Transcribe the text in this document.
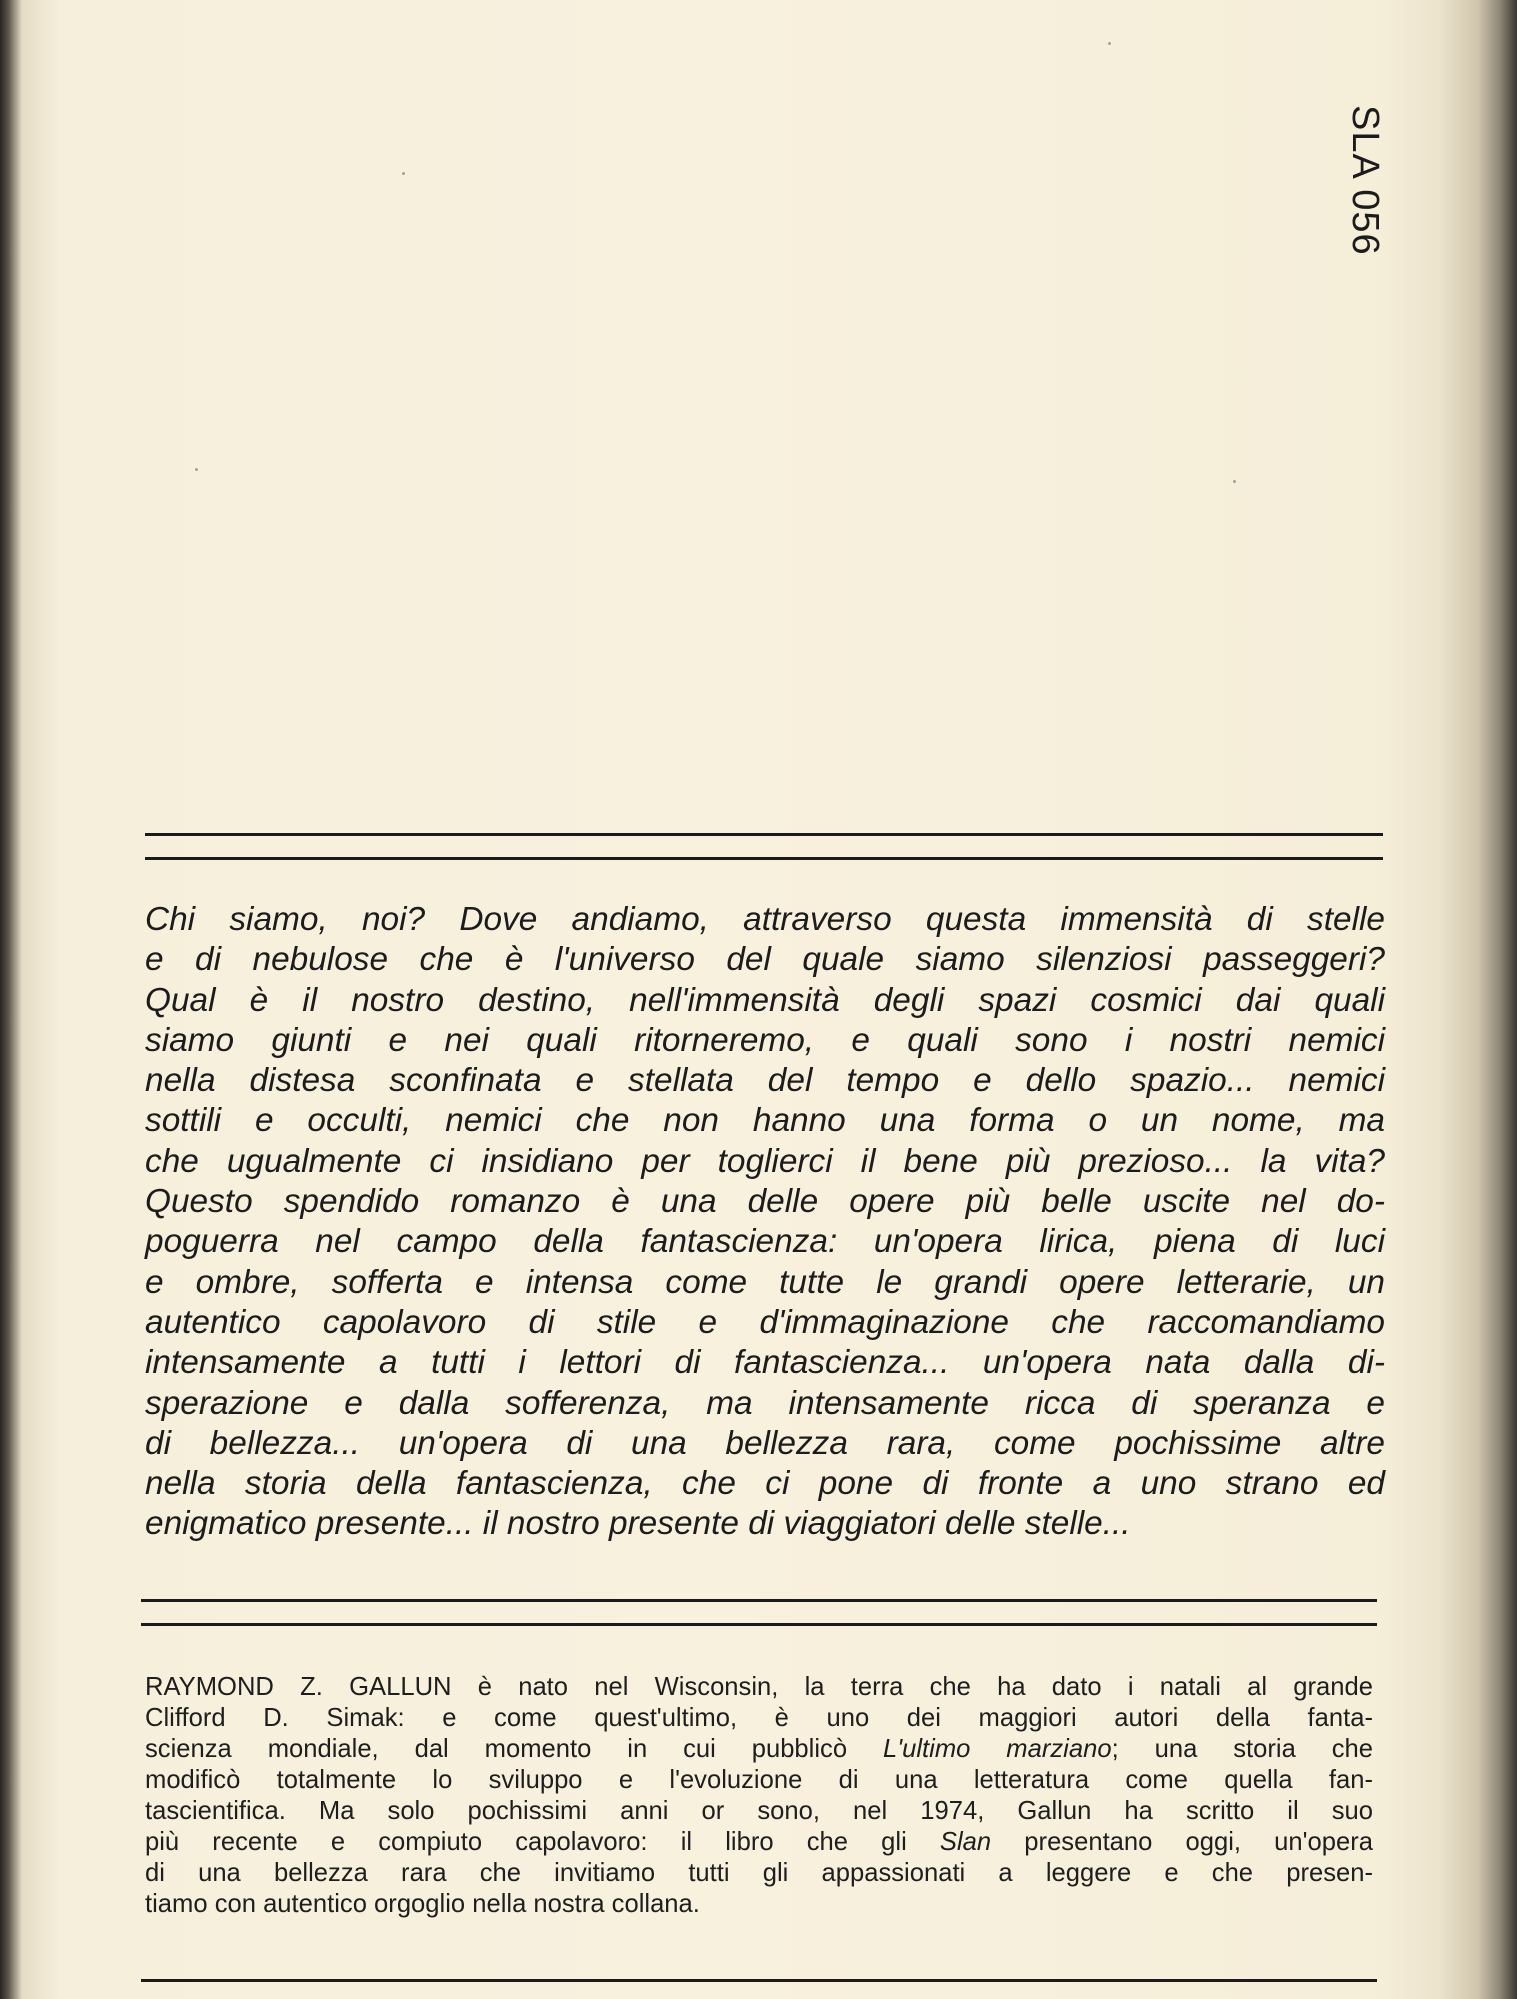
SLA 056
Chi siamo, noi? Dove andiamo, attraverso questa immensità di stelle
e di nebulose che è l'universo del quale siamo silenziosi passeggeri?
Qual è il nostro destino, nell'immensità degli spazi cosmici dai quali
siamo giunti e nei quali ritorneremo, e quali sono i nostri nemici
nella distesa sconfinata e stellata del tempo e dello spazio... nemici
sottili e occulti, nemici che non hanno una forma o un nome, ma
che ugualmente ci insidiano per toglierci il bene più prezioso... la vita?
Questo spendido romanzo è una delle opere più belle uscite nel do-
poguerra nel campo della fantascienza: un'opera lirica, piena di luci
e ombre, sofferta e intensa come tutte le grandi opere letterarie, un
autentico capolavoro di stile e d'immaginazione che raccomandiamo
intensamente a tutti i lettori di fantascienza... un'opera nata dalla di-
sperazione e dalla sofferenza, ma intensamente ricca di speranza e
di bellezza... un'opera di una bellezza rara, come pochissime altre
nella storia della fantascienza, che ci pone di fronte a uno strano ed
enigmatico presente... il nostro presente di viaggiatori delle stelle...
RAYMOND Z. GALLUN è nato nel Wisconsin, la terra che ha dato i natali al grande
Clifford D. Simak: e come quest'ultimo, è uno dei maggiori autori della fanta-
scienza mondiale, dal momento in cui pubblicò L'ultimo marziano; una storia che
modificò totalmente lo sviluppo e l'evoluzione di una letteratura come quella fan-
tascientifica. Ma solo pochissimi anni or sono, nel 1974, Gallun ha scritto il suo
più recente e compiuto capolavoro: il libro che gli Slan presentano oggi, un'opera
di una bellezza rara che invitiamo tutti gli appassionati a leggere e che presen-
tiamo con autentico orgoglio nella nostra collana.
